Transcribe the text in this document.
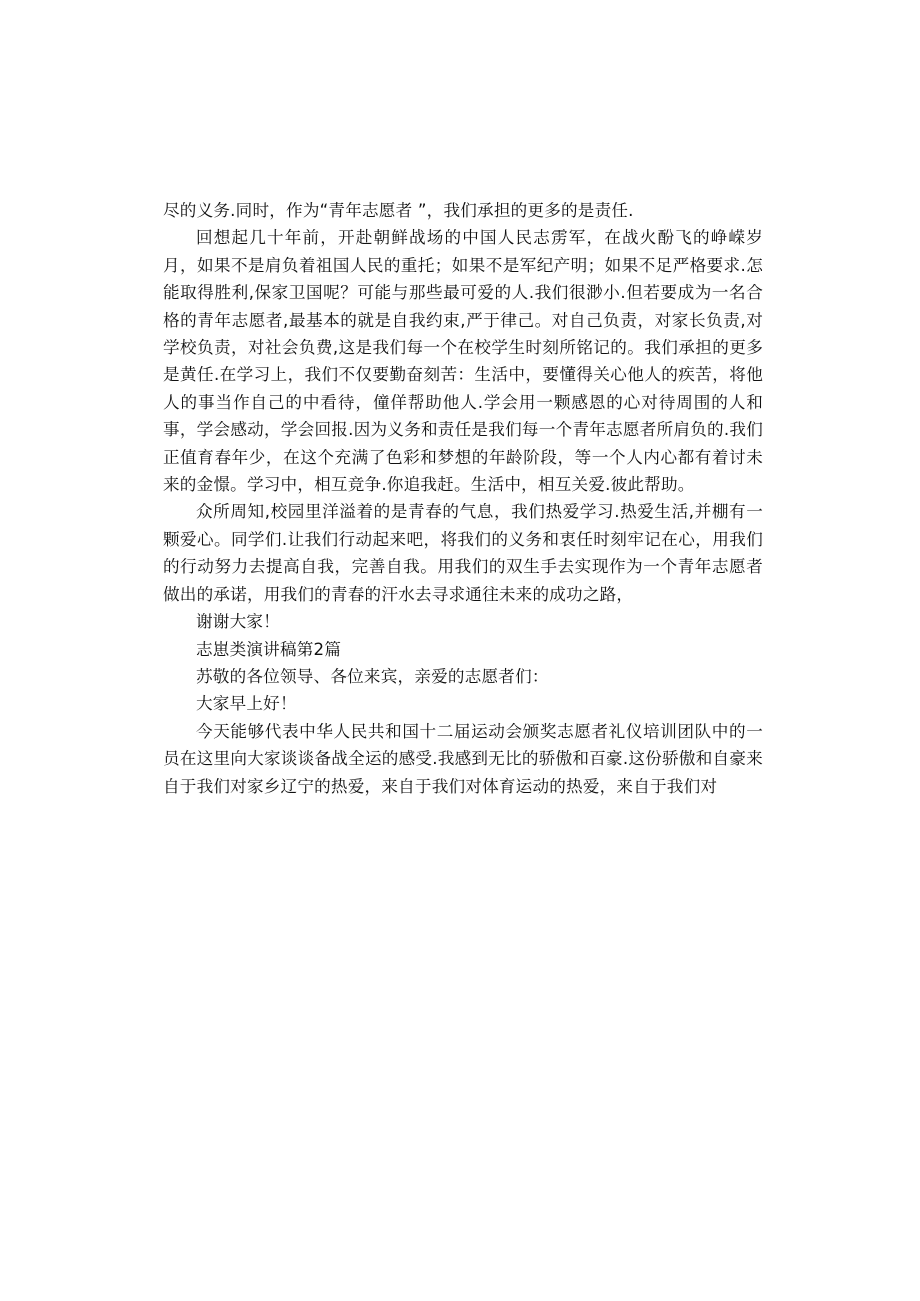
尽的义务.同时，作为“青年志愿者 ”，我们承担的更多的是责任.

回想起几十年前，开赴朝鲜战场的中国人民志雳军，在战火酚飞的峥嵘岁月，如果不是肩负着祖国人民的重托；如果不是军纪产明；如果不足严格要求.怎能取得胜利,保家卫国呢？可能与那些最可爱的人.我们很渺小.但若要成为一名合格的青年志愿者,最基本的就是自我约束,严于律己。对自己负责，对家长负责,对学校负责，对社会负费,这是我们每一个在校学生时刻所铭记的。我们承担的更多是黄任.在学习上，我们不仅要勤奋刻苦：生活中，要懂得关心他人的疾苦，将他人的事当作自己的中看待，僮佯帮助他人.学会用一颗感恩的心对待周围的人和事，学会感动，学会回报.因为义务和责任是我们每一个青年志愿者所肩负的.我们正值育春年少，在这个充满了色彩和梦想的年龄阶段，等一个人内心都有着讨未来的金憬。学习中，相互竞争.你追我赶。生活中，相互关爱.彼此帮助。

众所周知,校园里洋溢着的是青春的气息，我们热爱学习.热爱生活,并棚有一颗爱心。同学们.让我们行动起来吧，将我们的义务和衷任时刻牢记在心，用我们的行动努力去提高自我，完善自我。用我们的双生手去实现作为一个青年志愿者做出的承诺，用我们的青春的汗水去寻求通往未来的成功之路，

谢谢大家！

志崽类演讲稿第2篇

苏敬的各位领导、各位来宾，亲爱的志愿者们：

大家早上好！

今天能够代表中华人民共和国十二届运动会颁奖志愿者礼仪培训团队中的一员在这里向大家谈谈备战全运的感受.我感到无比的骄傲和百豪.这份骄傲和自豪来自于我们对家乡辽宁的热爱，来自于我们对体育运动的热爱，来自于我们对
